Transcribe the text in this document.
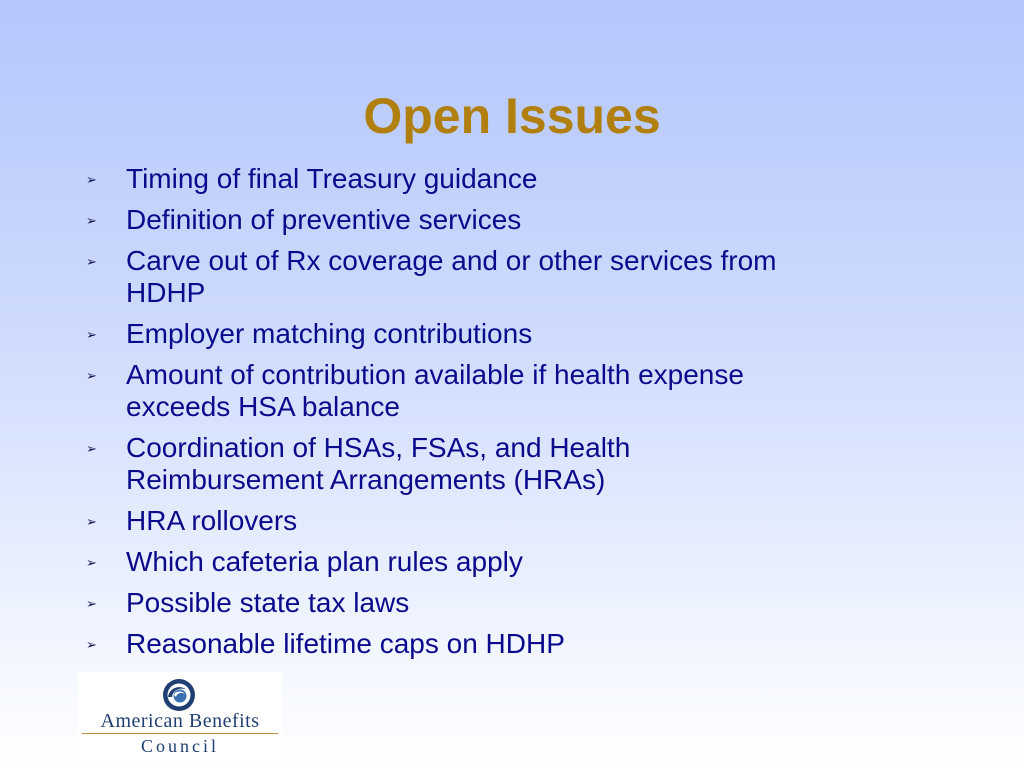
Open Issues
➢ Timing of final Treasury guidance
➢ Definition of preventive services
➢ Carve out of Rx coverage and or other services from
HDHP
➢ Employer matching contributions
➢ Amount of contribution available if health expense
exceeds HSA balance
➢ Coordination of HSAs, FSAs, and Health
Reimbursement Arrangements (HRAs)
➢ HRA rollovers
➢ Which cafeteria plan rules apply
➢ Possible state tax laws
➢ Reasonable lifetime caps on HDHP
American Benefits
Council
